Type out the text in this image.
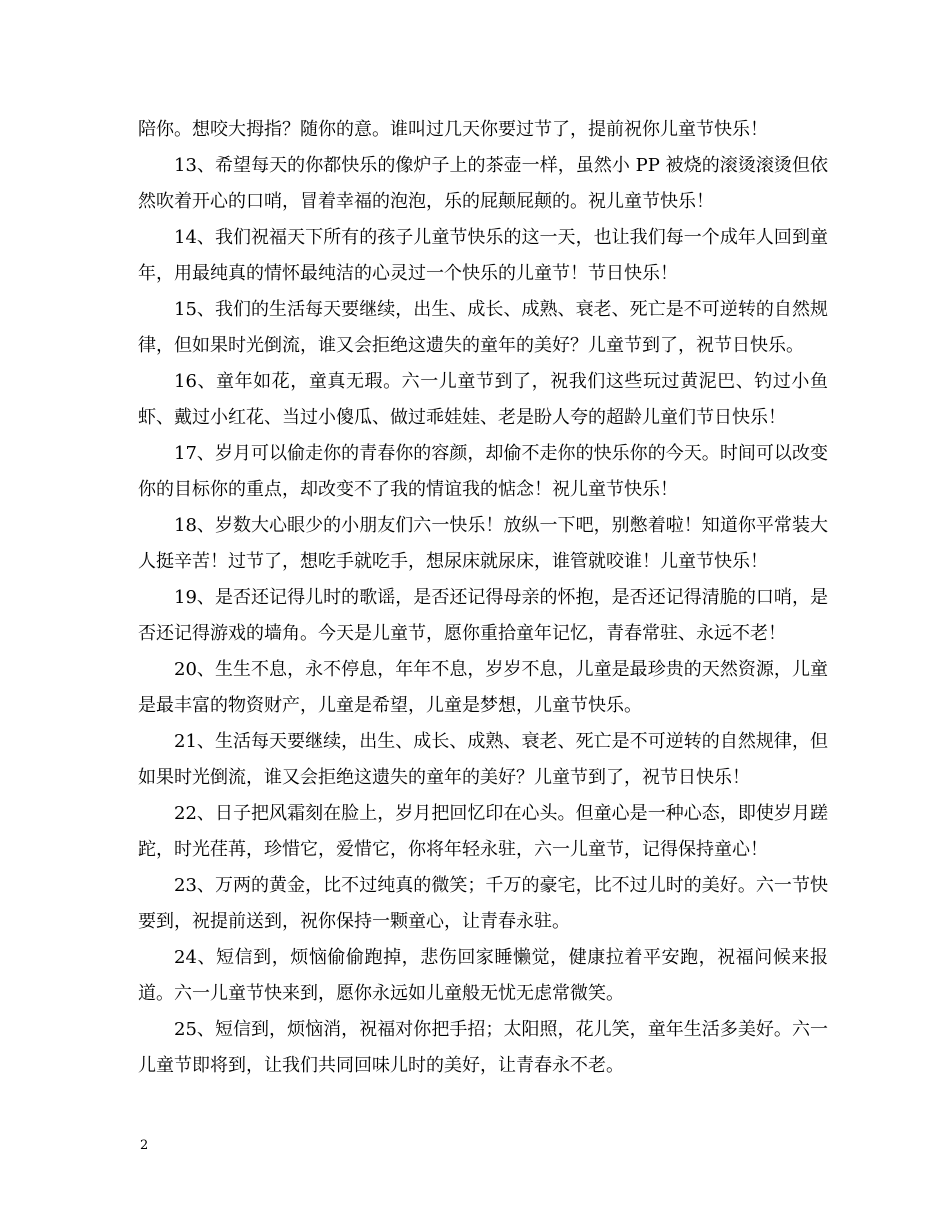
陪你。想咬大拇指？随你的意。谁叫过几天你要过节了，提前祝你儿童节快乐！

13、希望每天的你都快乐的像炉子上的茶壶一样，虽然小 PP 被烧的滚烫滚烫但依然吹着开心的口哨，冒着幸福的泡泡，乐的屁颠屁颠的。祝儿童节快乐！

14、我们祝福天下所有的孩子儿童节快乐的这一天，也让我们每一个成年人回到童年，用最纯真的情怀最纯洁的心灵过一个快乐的儿童节！节日快乐！

15、我们的生活每天要继续，出生、成长、成熟、衰老、死亡是不可逆转的自然规律，但如果时光倒流，谁又会拒绝这遗失的童年的美好？儿童节到了，祝节日快乐。

16、童年如花，童真无瑕。六一儿童节到了，祝我们这些玩过黄泥巴、钓过小鱼虾、戴过小红花、当过小傻瓜、做过乖娃娃、老是盼人夸的超龄儿童们节日快乐！

17、岁月可以偷走你的青春你的容颜，却偷不走你的快乐你的今天。时间可以改变你的目标你的重点，却改变不了我的情谊我的惦念！祝儿童节快乐！

18、岁数大心眼少的小朋友们六一快乐！放纵一下吧，别憋着啦！知道你平常装大人挺辛苦！过节了，想吃手就吃手，想尿床就尿床，谁管就咬谁！儿童节快乐！

19、是否还记得儿时的歌谣，是否还记得母亲的怀抱，是否还记得清脆的口哨，是否还记得游戏的墙角。今天是儿童节，愿你重拾童年记忆，青春常驻、永远不老！

20、生生不息，永不停息，年年不息，岁岁不息，儿童是最珍贵的天然资源，儿童是最丰富的物资财产，儿童是希望，儿童是梦想，儿童节快乐。

21、生活每天要继续，出生、成长、成熟、衰老、死亡是不可逆转的自然规律，但如果时光倒流，谁又会拒绝这遗失的童年的美好？儿童节到了，祝节日快乐！

22、日子把风霜刻在脸上，岁月把回忆印在心头。但童心是一种心态，即使岁月蹉跎，时光荏苒，珍惜它，爱惜它，你将年轻永驻，六一儿童节，记得保持童心！

23、万两的黄金，比不过纯真的微笑；千万的豪宅，比不过儿时的美好。六一节快要到，祝提前送到，祝你保持一颗童心，让青春永驻。

24、短信到，烦恼偷偷跑掉，悲伤回家睡懒觉，健康拉着平安跑，祝福问候来报道。六一儿童节快来到，愿你永远如儿童般无忧无虑常微笑。

25、短信到，烦恼消，祝福对你把手招；太阳照，花儿笑，童年生活多美好。六一儿童节即将到，让我们共同回味儿时的美好，让青春永不老。

2
